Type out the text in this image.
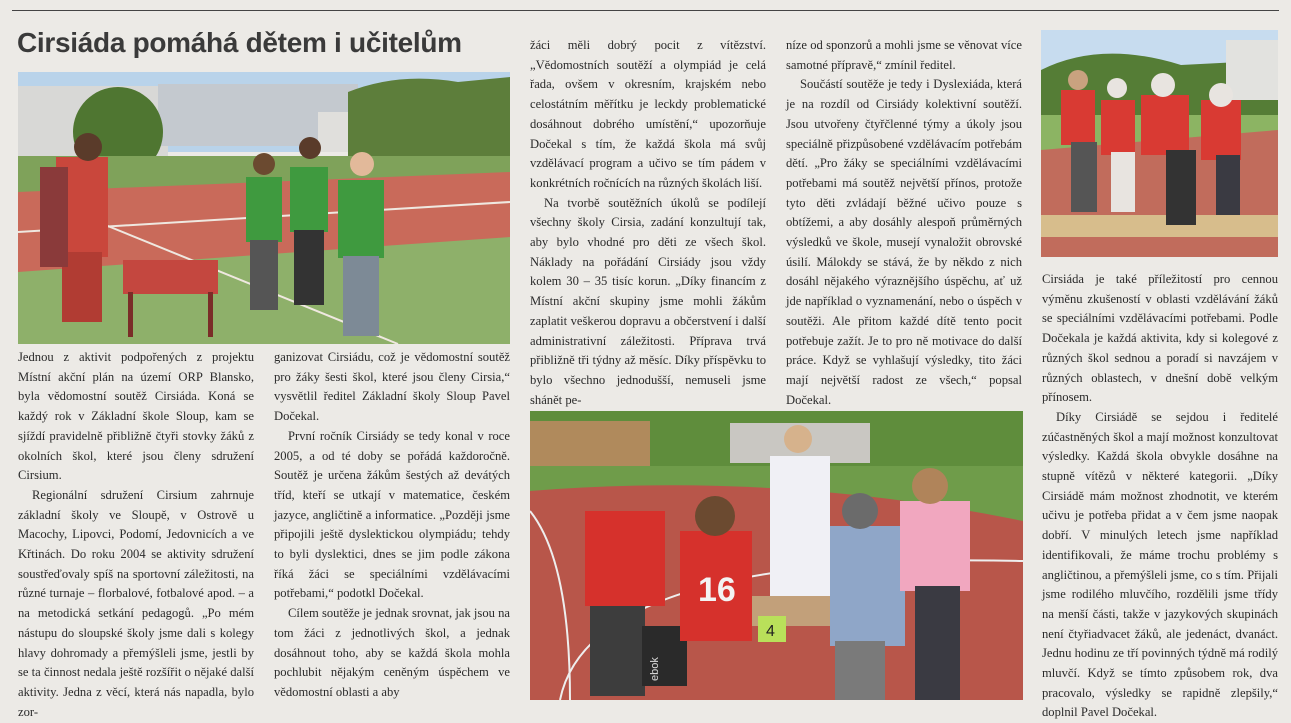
Cirsiáda pomáhá dětem i učitelům
4
ebok
16

Jednou z aktivit podpořených z projektu Místní akční plán na území ORP Blansko, byla vědomostní soutěž Cirsiáda. Koná se každý rok v Základní škole Sloup, kam se sjíždí pravidelně přibližně čtyři stovky žáků z okolních škol, které jsou členy sdružení Cirsium.

Regionální sdružení Cirsium zahrnuje základní školy ve Sloupě, v Ostrově u Macochy, Lipovci, Podomí, Jedovnicích a ve Křtinách. Do roku 2004 se aktivity sdružení soustřeďovaly spíš na sportovní záležitosti, na různé turnaje – florbalové, fotbalové apod. – a na metodická setkání pedagogů. „Po mém nástupu do sloupské školy jsme dali s kolegy hlavy dohromady a přemýšleli jsme, jestli by se ta činnost nedala ještě rozšířit o nějaké další aktivity. Jedna z věcí, která nás napadla, bylo zor-

ganizovat Cirsiádu, což je vědomostní soutěž pro žáky šesti škol, které jsou členy Cirsia,“ vysvětlil ředitel Základní školy Sloup Pavel Dočekal.

První ročník Cirsiády se tedy konal v roce 2005, a od té doby se pořádá každoročně. Soutěž je určena žákům šestých až devátých tříd, kteří se utkají v matematice, českém jazyce, angličtině a informatice. „Později jsme připojili ještě dyslektickou olympiádu; tehdy to byli dyslektici, dnes se jim podle zákona říká žáci se speciálními vzdělávacími potřebami,“ podotkl Dočekal.

Cílem soutěže je jednak srovnat, jak jsou na tom žáci z jednotlivých škol, a jednak dosáhnout toho, aby se každá škola mohla pochlubit nějakým ceněným úspěchem ve vědomostní oblasti a aby

žáci měli dobrý pocit z vítězství. „Vědomostních soutěží a olympiád je celá řada, ovšem v okresním, krajském nebo celostátním měřítku je leckdy problematické dosáhnout dobrého umístění,“ upozorňuje Dočekal s tím, že každá škola má svůj vzdělávací program a učivo se tím pádem v konkrétních ročnících na různých školách liší.

Na tvorbě soutěžních úkolů se podílejí všechny školy Cirsia, zadání konzultují tak, aby bylo vhodné pro děti ze všech škol. Náklady na pořádání Cirsiády jsou vždy kolem 30 – 35 tisíc korun. „Díky financím z Místní akční skupiny jsme mohli žákům zaplatit veškerou dopravu a občerstvení i další administrativní záležitosti. Příprava trvá přibližně tři týdny až měsíc. Díky příspěvku to bylo všechno jednodušší, nemuseli jsme shánět pe-

níze od sponzorů a mohli jsme se věnovat více samotné přípravě,“ zmínil ředitel.

Součástí soutěže je tedy i Dyslexiáda, která je na rozdíl od Cirsiády kolektivní soutěží. Jsou utvořeny čtyřčlenné týmy a úkoly jsou speciálně přizpůsobené vzdělávacím potřebám dětí. „Pro žáky se speciálními vzdělávacími potřebami má soutěž největší přínos, protože tyto děti zvládají běžné učivo pouze s obtížemi, a aby dosáhly alespoň průměrných výsledků ve škole, musejí vynaložit obrovské úsilí. Málokdy se stává, že by někdo z nich dosáhl nějakého výraznějšího úspěchu, ať už jde například o vyznamenání, nebo o úspěch v soutěži. Ale přitom každé dítě tento pocit potřebuje zažít. Je to pro ně motivace do další práce. Když se vyhlašují výsledky, tito žáci mají největší radost ze všech,“ popsal Dočekal.

Cirsiáda je také příležitostí pro cennou výměnu zkušeností v oblasti vzdělávání žáků se speciálními vzdělávacími potřebami. Podle Dočekala je každá aktivita, kdy si kolegové z různých škol sednou a poradí si navzájem v různých oblastech, v dnešní době velkým přínosem.

Díky Cirsiádě se sejdou i ředitelé zúčastněných škol a mají možnost konzultovat výsledky. Každá škola obvykle dosáhne na stupně vítězů v některé kategorii. „Díky Cirsiádě mám možnost zhodnotit, ve kterém učivu je potřeba přidat a v čem jsme naopak dobří. V minulých letech jsme například identifikovali, že máme trochu problémy s angličtinou, a přemýšleli jsme, co s tím. Přijali jsme rodilého mluvčího, rozdělili jsme třídy na menší části, takže v jazykových skupinách není čtyřiadvacet žáků, ale jedenáct, dvanáct. Jednu hodinu ze tří povinných týdně má rodilý mluvčí. Když se tímto způsobem rok, dva pracovalo, výsledky se rapidně zlepšily,“ doplnil Pavel Dočekal.
